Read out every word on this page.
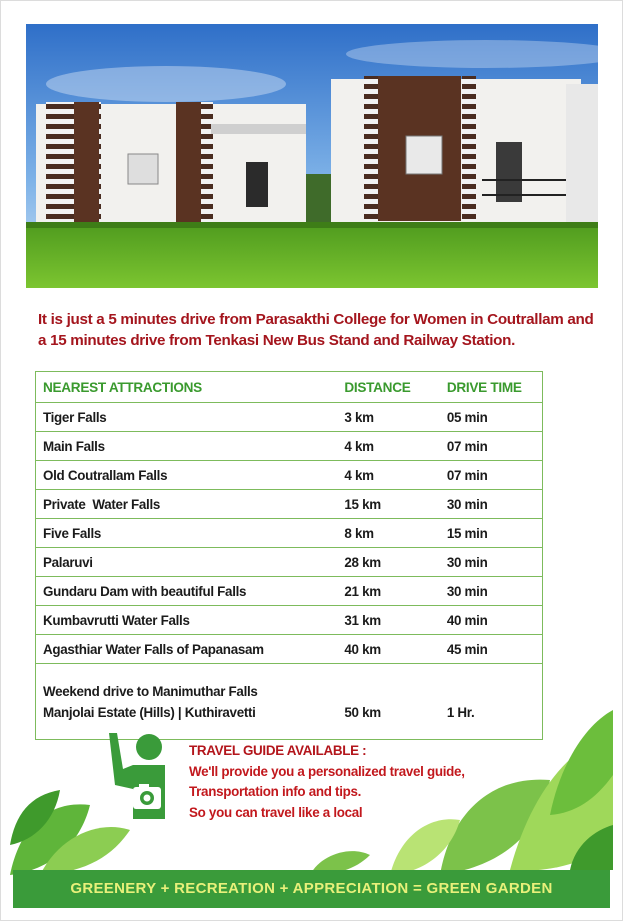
It is just a 5 minutes drive from Parasakthi College for Women in Coutrallam and a 15 minutes drive from Tenkasi New Bus Stand and Railway Station.
NEAREST ATTRACTIONS	DISTANCE	DRIVE TIME
Tiger Falls	3 km	05 min
Main Falls	4 km	07 min
Old Coutrallam Falls	4 km	07 min
Private  Water Falls	15 km	30 min
Five Falls	8 km	15 min
Palaruvi	28 km	30 min
Gundaru Dam with beautiful Falls	21 km	30 min
Kumbavrutti Water Falls	31 km	40 min
Agasthiar Water Falls of Papanasam	40 km	45 min

Weekend drive to Manimuthar Falls
Manjolai Estate (Hills) | Kuthiravetti	50 km	1 Hr.
TRAVEL GUIDE AVAILABLE :
We'll provide you a personalized travel guide,
Transportation info and tips.
So you can travel like a local
GREENERY + RECREATION + APPRECIATION = GREEN GARDEN
